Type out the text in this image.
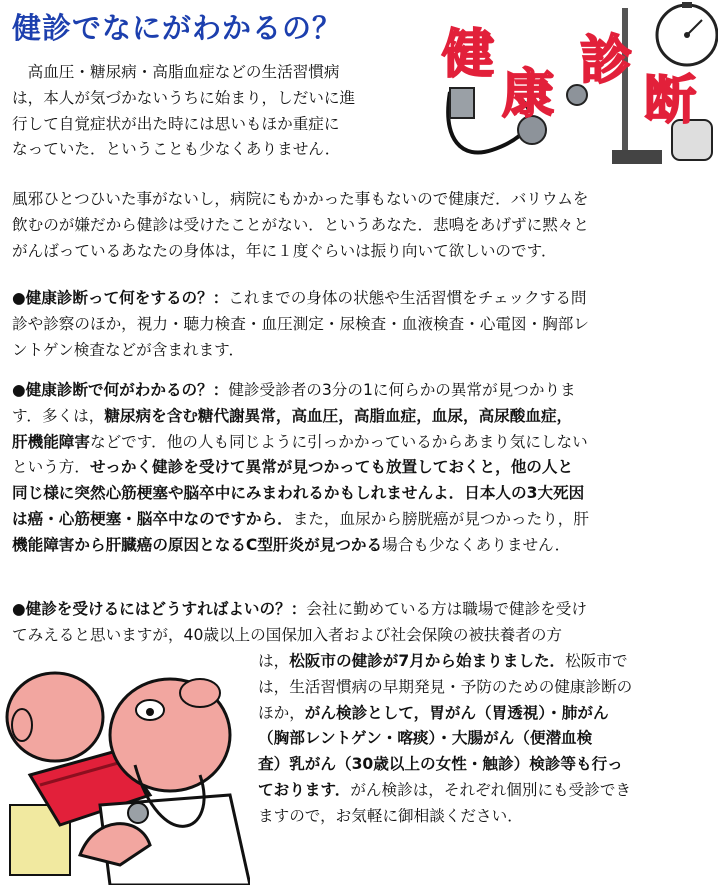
健診でなにがわかるの？ 健
康
診
断
　高血圧・糖尿病・高脂血症などの生活習慣病
は，本人が気づかないうちに始まり，しだいに進
行して自覚症状が出た時には思いもほか重症に
なっていた．ということも少なくありません．
風邪ひとつひいた事がないし，病院にもかかった事もないので健康だ．バリウムを
飲むのが嫌だから健診は受けたことがない．というあなた．悲鳴をあげずに黙々と
がんばっているあなたの身体は，年に１度ぐらいは振り向いて欲しいのです．
●健康診断って何をするの？：これまでの身体の状態や生活習慣をチェックする問
診や診察のほか，視力・聴力検査・血圧測定・尿検査・血液検査・心電図・胸部レ
ントゲン検査などが含まれます．
●健康診断で何がわかるの？：健診受診者の3分の1に何らかの異常が見つかりま
す．多くは，糖尿病を含む糖代謝異常，高血圧，高脂血症，血尿，高尿酸血症，
肝機能障害などです．他の人も同じように引っかかっているからあまり気にしない
という方．せっかく健診を受けて異常が見つかっても放置しておくと，他の人と
同じ様に突然心筋梗塞や脳卒中にみまわれるかもしれませんよ．日本人の3大死因
は癌・心筋梗塞・脳卒中なのですから．また，血尿から膀胱癌が見つかったり，肝
機能障害から肝臓癌の原因となるC型肝炎が見つかる場合も少なくありません．
●健診を受けるにはどうすればよいの？：会社に勤めている方は職場で健診を受け
てみえると思いますが，40歳以上の国保加入者および社会保険の被扶養者の方
は，松阪市の健診が7月から始まりました．松阪市で
は，生活習慣病の早期発見・予防のための健康診断の
ほか，がん検診として，胃がん（胃透視）・肺がん
（胸部レントゲン・喀痰）・大腸がん（便潜血検
査）乳がん（30歳以上の女性・触診）検診等も行っ
ております．がん検診は，それぞれ個別にも受診でき
ますので，お気軽に御相談ください．
